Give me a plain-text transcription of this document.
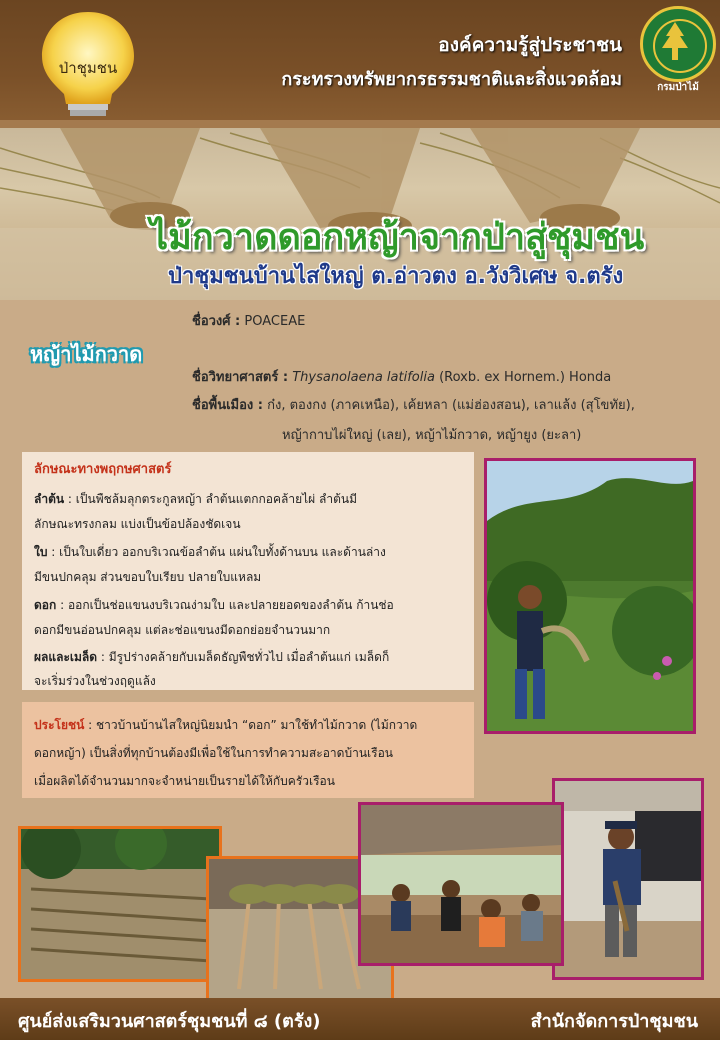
ป่าชุมชน
องค์ความรู้สู่ประชาชน
กระทรวงทรัพยากรธรรมชาติและสิ่งแวดล้อม	กรมป่าไม้
ไม้กวาดดอกหญ้าจากป่าสู่ชุมชน
ป่าชุมชนบ้านไสใหญ่ ต.อ่าวตง อ.วังวิเศษ จ.ตรัง
หญ้าไม้กวาด
ชื่อวงศ์ : POACEAE
ชื่อวิทยาศาสตร์ : Thysanolaena latifolia (Roxb. ex Hornem.) Honda
ชื่อพื้นเมือง : ก๋ง, ตองกง (ภาคเหนือ), เค้ยหลา (แม่ฮ่องสอน), เลาแล้ง (สุโขทัย),
หญ้ากาบไผ่ใหญ่ (เลย), หญ้าไม้กวาด, หญ้ายูง (ยะลา)
ลักษณะทางพฤกษศาสตร์
ลำต้น : เป็นพืชล้มลุกตระกูลหญ้า ลำต้นแตกกอคล้ายไผ่ ลำต้นมี
ลักษณะทรงกลม แบ่งเป็นข้อปล้องชัดเจน
ใบ : เป็นใบเดี่ยว ออกบริเวณข้อลำต้น แผ่นใบทั้งด้านบน และด้านล่าง
มีขนปกคลุม ส่วนขอบใบเรียบ ปลายใบแหลม
ดอก : ออกเป็นช่อแขนงบริเวณง่ามใบ และปลายยอดของลำต้น ก้านช่อ
ดอกมีขนอ่อนปกคลุม แต่ละช่อแขนงมีดอกย่อยจำนวนมาก
ผลและเมล็ด : มีรูปร่างคล้ายกับเมล็ดธัญพืชทั่วไป เมื่อลำต้นแก่ เมล็ดก็
จะเริ่มร่วงในช่วงฤดูแล้ง
ประโยชน์ : ชาวบ้านบ้านไสใหญ่นิยมนำ “ดอก” มาใช้ทำไม้กวาด (ไม้กวาด
ดอกหญ้า) เป็นสิ่งที่ทุกบ้านต้องมีเพื่อใช้ในการทำความสะอาดบ้านเรือน
เมื่อผลิตได้จำนวนมากจะจำหน่ายเป็นรายได้ให้กับครัวเรือน
ศูนย์ส่งเสริมวนศาสตร์ชุมชนที่ ๘ (ตรัง)	สำนักจัดการป่าชุมชน
